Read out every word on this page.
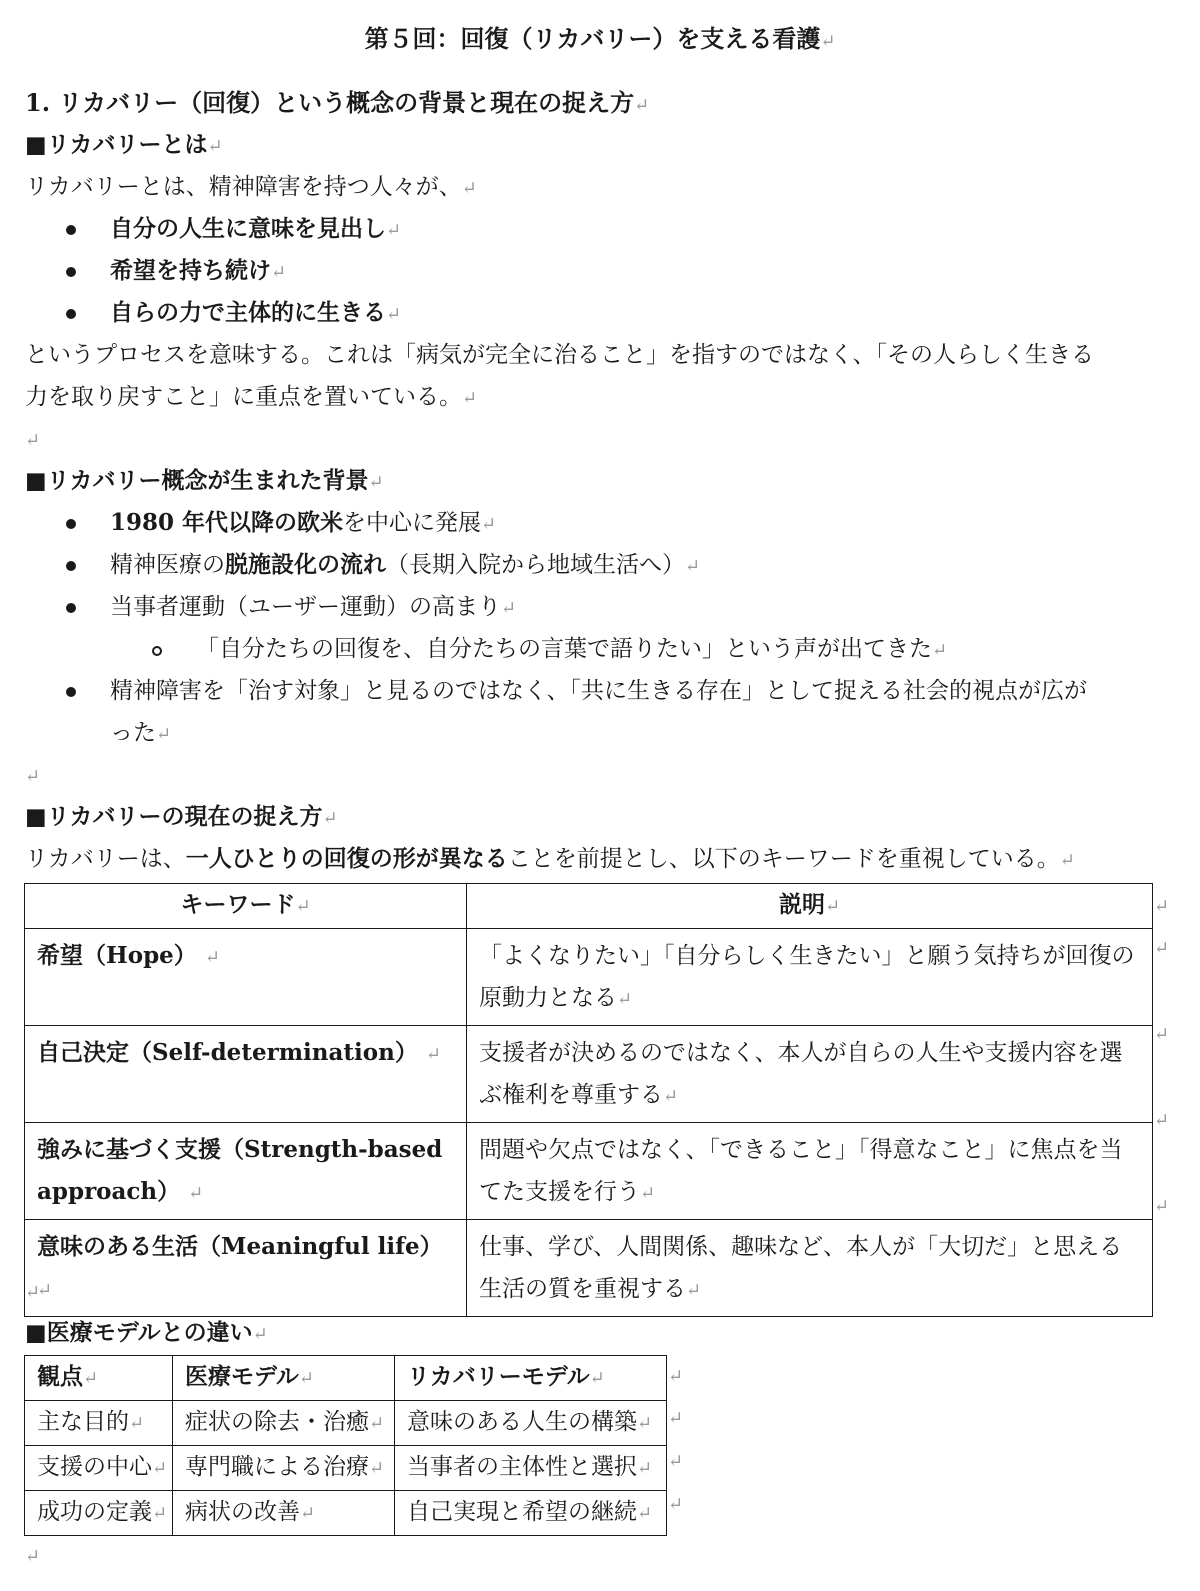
第５回：回復（リカバリー）を支える看護↵
1. リカバリー（回復）という概念の背景と現在の捉え方↵
■リカバリーとは↵
リカバリーとは、精神障害を持つ人々が、↵
自分の人生に意味を見出し↵
希望を持ち続け↵
自らの力で主体的に生きる↵
というプロセスを意味する。これは「病気が完全に治ること」を指すのではなく、「その人らしく生きる
力を取り戻すこと」に重点を置いている。↵
↵
■リカバリー概念が生まれた背景↵
1980 年代以降の欧米を中心に発展↵
精神医療の脱施設化の流れ（長期入院から地域生活へ）↵
当事者運動（ユーザー運動）の高まり↵
「自分たちの回復を、自分たちの言葉で語りたい」という声が出てきた↵
精神障害を「治す対象」と見るのではなく、「共に生きる存在」として捉える社会的視点が広が
った↵
↵
■リカバリーの現在の捉え方↵
リカバリーは、一人ひとりの回復の形が異なることを前提とし、以下のキーワードを重視している。↵
キーワード↵	説明↵
希望（Hope） ↵	「よくなりたい」「自分らしく生きたい」と願う気持ちが回復の原動力となる↵
自己決定（Self-determination） ↵	支援者が決めるのではなく、本人が自らの人生や支援内容を選ぶ権利を尊重する↵
強みに基づく支援（Strength-based approach） ↵	問題や欠点ではなく、「できること」「得意なこと」に焦点を当てた支援を行う↵
意味のある生活（Meaningful life） ↵	仕事、学び、人間関係、趣味など、本人が「大切だ」と思える生活の質を重視する↵
↵
↵
↵
↵
↵
↵
■医療モデルとの違い↵
観点↵	医療モデル↵	リカバリーモデル↵
主な目的↵	症状の除去・治癒↵	意味のある人生の構築↵
支援の中心↵	専門職による治療↵	当事者の主体性と選択↵
成功の定義↵	病状の改善↵	自己実現と希望の継続↵
↵
↵
↵
↵
↵
